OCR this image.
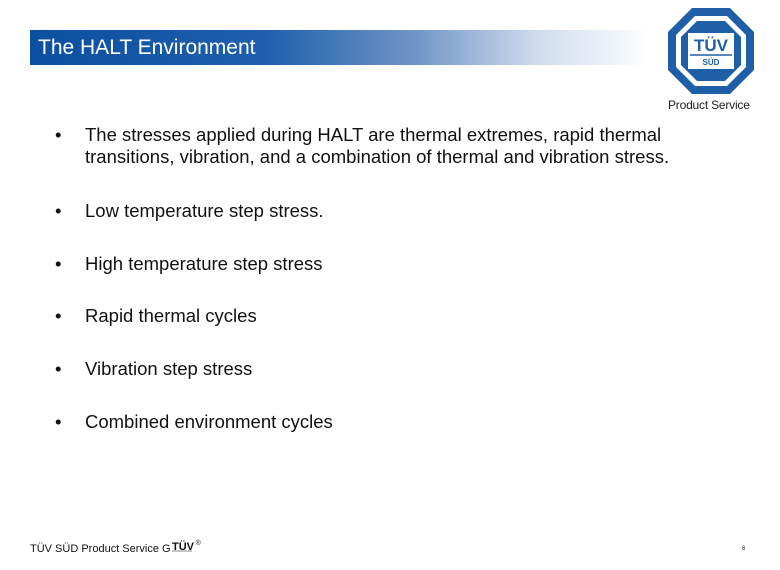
The HALT Environment	TÜV
SÜD
Product Service
•	The stresses applied during HALT are thermal extremes, rapid thermal transitions, vibration, and a combination of thermal and vibration stress.
•	Low temperature step stress.
•	High temperature step stress
•	Rapid thermal cycles
•	Vibration step stress
•	Combined environment cycles
TÜV SÜD Product Service G TÜV ®
6
